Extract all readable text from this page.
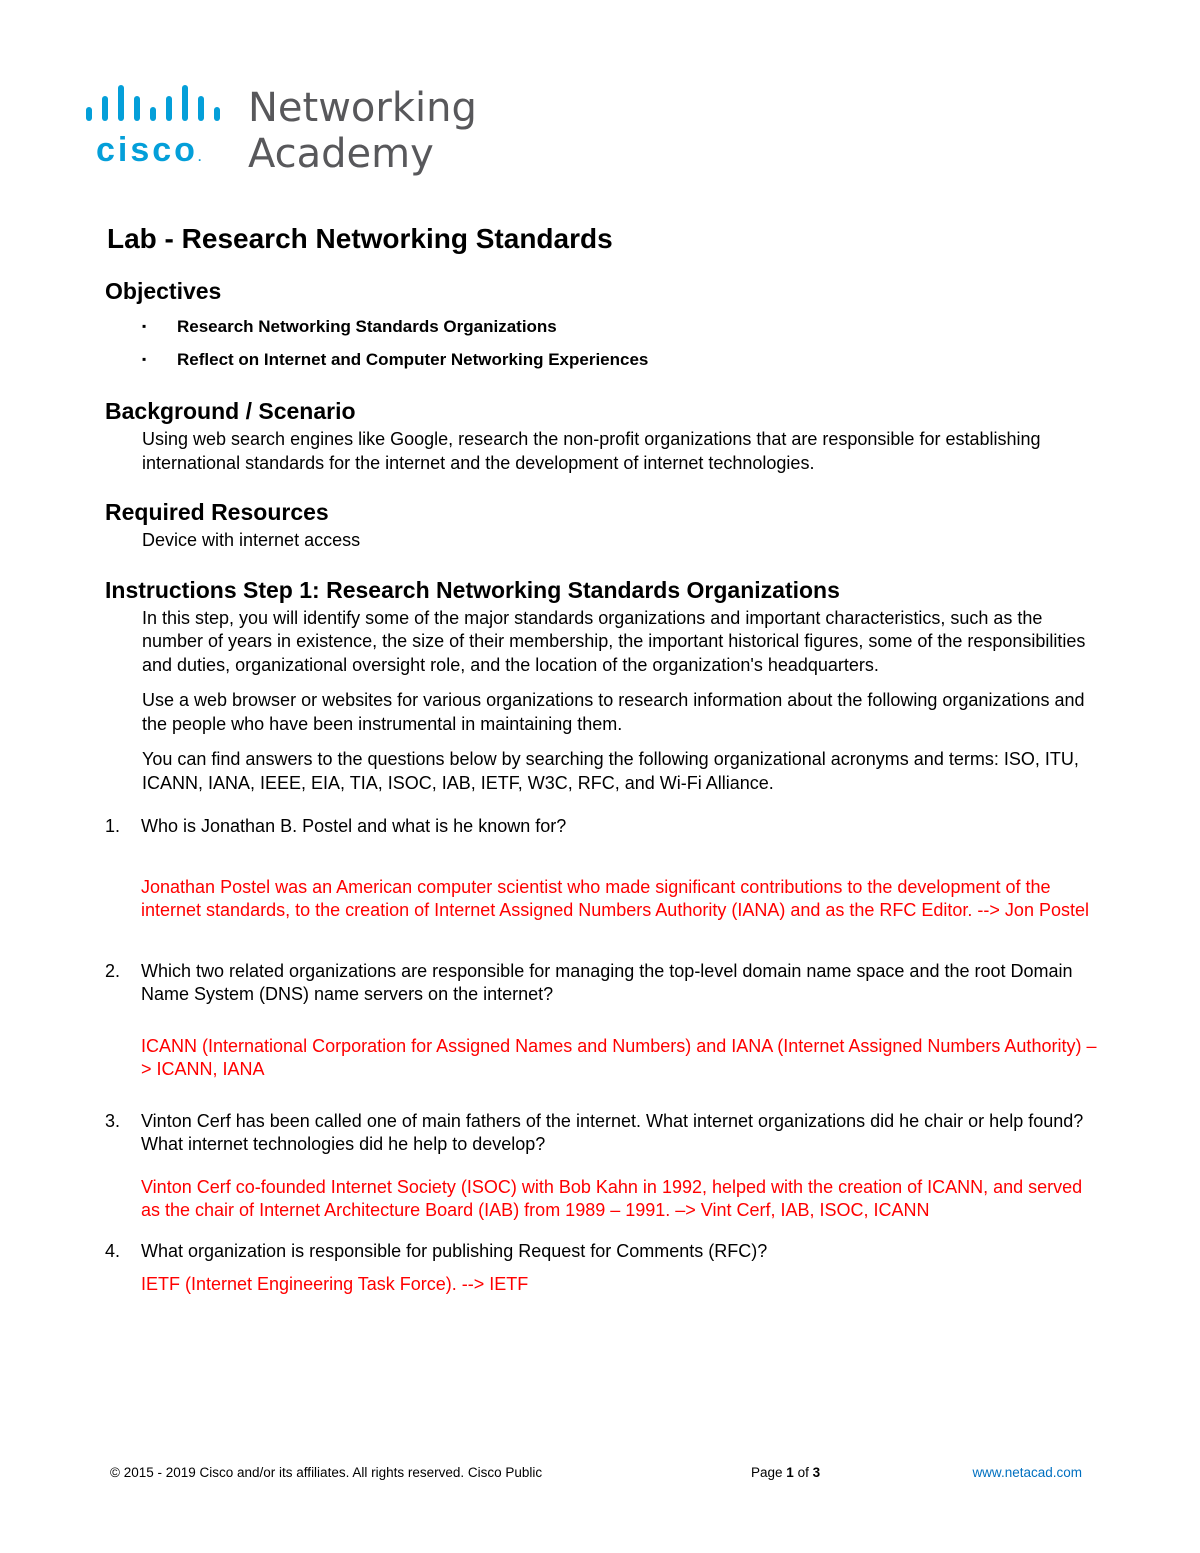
cisco.
Networking
Academy
Lab - Research Networking Standards
Objectives
▪ Research Networking Standards Organizations
▪ Reflect on Internet and Computer Networking Experiences
Background / Scenario

Using web search engines like Google, research the non-profit organizations that are responsible for establishing international standards for the internet and the development of internet technologies.

Required Resources

Device with internet access

Instructions Step 1: Research Networking Standards Organizations

In this step, you will identify some of the major standards organizations and important characteristics, such as the number of years in existence, the size of their membership, the important historical figures, some of the responsibilities and duties, organizational oversight role, and the location of the organization's headquarters.

Use a web browser or websites for various organizations to research information about the following organizations and the people who have been instrumental in maintaining them.

You can find answers to the questions below by searching the following organizational acronyms and terms: ISO, ITU, ICANN, IANA, IEEE, EIA, TIA, ISOC, IAB, IETF, W3C, RFC, and Wi-Fi Alliance.

1. Who is Jonathan B. Postel and what is he known for?

Jonathan Postel was an American computer scientist who made significant contributions to the development of the internet standards, to the creation of Internet Assigned Numbers Authority (IANA) and as the RFC Editor. --> Jon Postel

2. Which two related organizations are responsible for managing the top-level domain name space and the root Domain Name System (DNS) name servers on the internet?

ICANN (International Corporation for Assigned Names and Numbers) and IANA (Internet Assigned Numbers Authority) –> ICANN, IANA

3. Vinton Cerf has been called one of main fathers of the internet. What internet organizations did he chair or help found? What internet technologies did he help to develop?

Vinton Cerf co-founded Internet Society (ISOC) with Bob Kahn in 1992, helped with the creation of ICANN, and served as the chair of Internet Architecture Board (IAB) from 1989 – 1991. –> Vint Cerf, IAB, ISOC, ICANN

4. What organization is responsible for publishing Request for Comments (RFC)?

IETF (Internet Engineering Task Force). --> IETF

© 2015 - 2019 Cisco and/or its affiliates. All rights reserved. Cisco Public	Page 1 of 3	www.netacad.com
